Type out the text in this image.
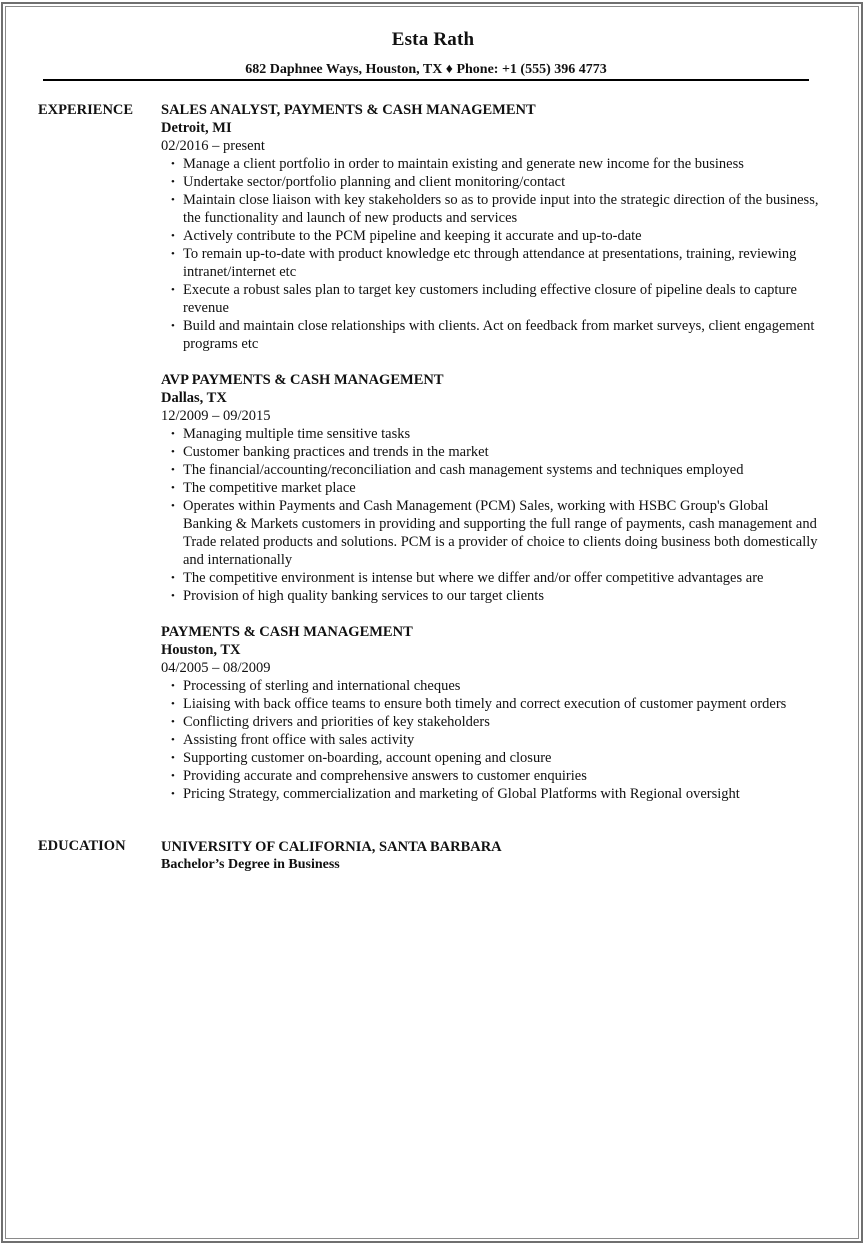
Esta Rath
682 Daphnee Ways, Houston, TX ♦ Phone: +1 (555) 396 4773
EXPERIENCE SALES ANALYST, PAYMENTS & CASH MANAGEMENT
Detroit, MI
02/2016 – present
• Manage a client portfolio in order to maintain existing and generate new income for the business
• Undertake sector/portfolio planning and client monitoring/contact
• Maintain close liaison with key stakeholders so as to provide input into the strategic direction of the business, the functionality and launch of new products and services
• Actively contribute to the PCM pipeline and keeping it accurate and up-to-date
• To remain up-to-date with product knowledge etc through attendance at presentations, training, reviewing intranet/internet etc
• Execute a robust sales plan to target key customers including effective closure of pipeline deals to capture revenue
• Build and maintain close relationships with clients. Act on feedback from market surveys, client engagement programs etc
AVP PAYMENTS & CASH MANAGEMENT
Dallas, TX
12/2009 – 09/2015
• Managing multiple time sensitive tasks
• Customer banking practices and trends in the market
• The financial/accounting/reconciliation and cash management systems and techniques employed
• The competitive market place
• Operates within Payments and Cash Management (PCM) Sales, working with HSBC Group's Global Banking & Markets customers in providing and supporting the full range of payments, cash management and Trade related products and solutions. PCM is a provider of choice to clients doing business both domestically and internationally
• The competitive environment is intense but where we differ and/or offer competitive advantages are
• Provision of high quality banking services to our target clients
PAYMENTS & CASH MANAGEMENT
Houston, TX
04/2005 – 08/2009
• Processing of sterling and international cheques
• Liaising with back office teams to ensure both timely and correct execution of customer payment orders
• Conflicting drivers and priorities of key stakeholders
• Assisting front office with sales activity
• Supporting customer on-boarding, account opening and closure
• Providing accurate and comprehensive answers to customer enquiries
• Pricing Strategy, commercialization and marketing of Global Platforms with Regional oversight
EDUCATION UNIVERSITY OF CALIFORNIA, SANTA BARBARA
Bachelor’s Degree in Business
